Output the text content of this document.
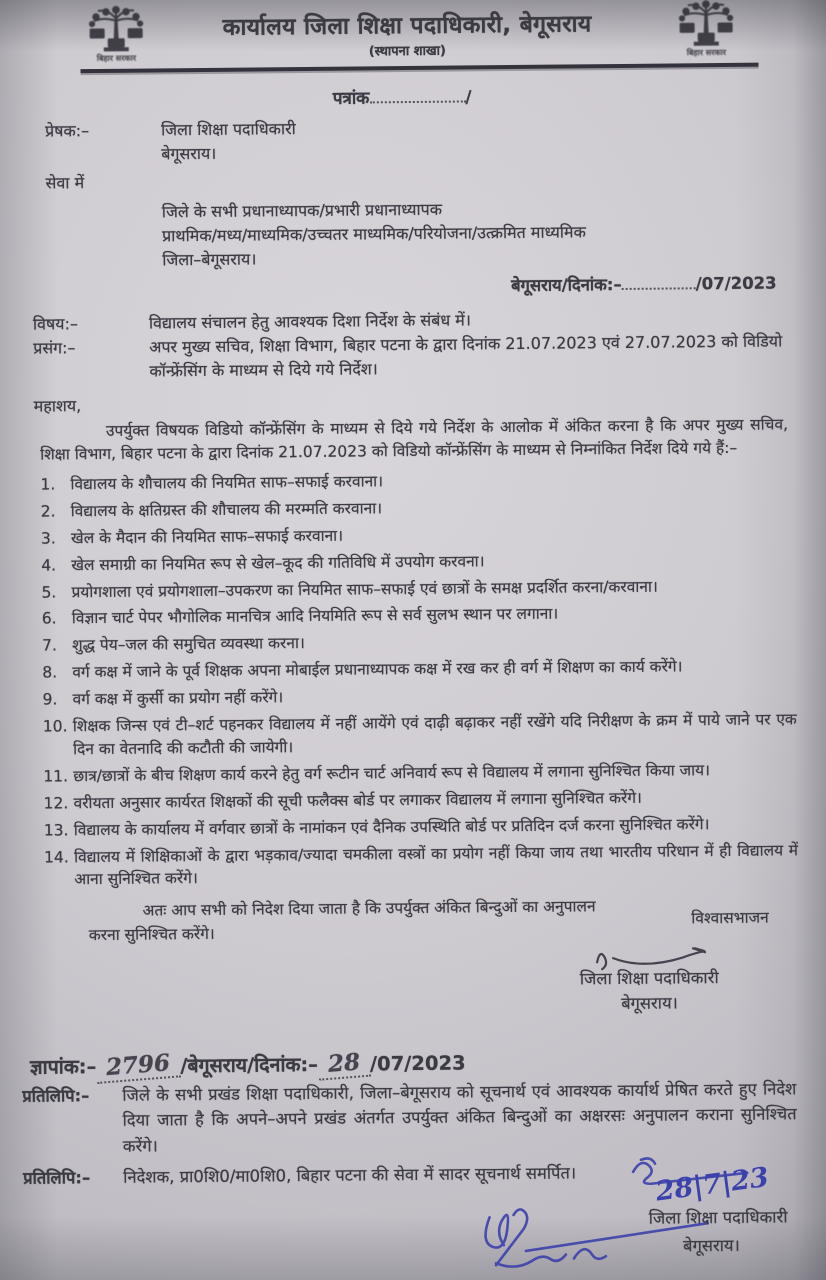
बिहार सरकार
बिहार सरकार
कार्यालय जिला शिक्षा पदाधिकारी, बेगूसराय
(स्थापना शाखा)
पत्रांक	/
प्रेषक:–	जिला शिक्षा पदाधिकारी
बेगूसराय।
सेवा में
जिले के सभी प्रधानाध्यापक/प्रभारी प्रधानाध्यापक
प्राथमिक/मध्य/माध्यमिक/उच्चतर माध्यमिक/परियोजना/उत्क्रमित माध्यमिक
जिला–बेगूसराय।
बेगूसराय/दिनांक:–	/07/2023
विषय:–	विद्यालय संचालन हेतु आवश्यक दिशा निर्देश के संबंध में।
प्रसंग:–	अपर मुख्य सचिव, शिक्षा विभाग, बिहार पटना के द्वारा दिनांक 21.07.2023 एवं 27.07.2023 को विडियो कॉन्फ्रेंसिंग के माध्यम से दिये गये निर्देश।
महाशय,
उपर्युक्त विषयक विडियो कॉन्फ्रेंसिंग के माध्यम से दिये गये निर्देश के आलोक में अंकित करना है कि अपर मुख्य सचिव, शिक्षा विभाग, बिहार पटना के द्वारा दिनांक 21.07.2023 को विडियो कॉन्फ्रेंसिंग के माध्यम से निम्नांकित निर्देश दिये गये हैं:–
1. विद्यालय के शौचालय की नियमित साफ–सफाई करवाना।
2. विद्यालय के क्षतिग्रस्त की शौचालय की मरम्मति करवाना।
3. खेल के मैदान की नियमित साफ–सफाई करवाना।
4. खेल समाग्री का नियमित रूप से खेल–कूद की गतिविधि में उपयोग करवना।
5. प्रयोगशाला एवं प्रयोगशाला–उपकरण का नियमित साफ–सफाई एवं छात्रों के समक्ष प्रदर्शित करना/करवाना।
6. विज्ञान चार्ट पेपर भौगोलिक मानचित्र आदि नियमिति रूप से सर्व सुलभ स्थान पर लगाना।
7. शुद्ध पेय–जल की समुचित व्यवस्था करना।
8. वर्ग कक्ष में जाने के पूर्व शिक्षक अपना मोबाईल प्रधानाध्यापक कक्ष में रख कर ही वर्ग में शिक्षण का कार्य करेंगे।
9. वर्ग कक्ष में कुर्सी का प्रयोग नहीं करेंगे।
10. शिक्षक जिन्स एवं टी–शर्ट पहनकर विद्यालय में नहीं आयेंगे एवं दाढ़ी बढ़ाकर नहीं रखेंगे यदि निरीक्षण के क्रम में पाये जाने पर एक दिन का वेतनादि की कटौती की जायेगी।
11. छात्र/छात्रों के बीच शिक्षण कार्य करने हेतु वर्ग रूटीन चार्ट अनिवार्य रूप से विद्यालय में लगाना सुनिश्चित किया जाय।
12. वरीयता अनुसार कार्यरत शिक्षकों की सूची फलैक्स बोर्ड पर लगाकर विद्यालय में लगाना सुनिश्चित करेंगे।
13. विद्यालय के कार्यालय में वर्गवार छात्रों के नामांकन एवं दैनिक उपस्थिति बोर्ड पर प्रतिदिन दर्ज करना सुनिश्चित करेंगे।
14. विद्यालय में शिक्षिकाओं के द्वारा भड़काव/ज्यादा चमकीला वस्त्रों का प्रयोग नहीं किया जाय तथा भारतीय परिधान में ही विद्यालय में आना सुनिश्चित करेंगे।
अतः आप सभी को निदेश दिया जाता है कि उपर्युक्त अंकित बिन्दुओं का अनुपालन
करना सुनिश्चित करेंगे।
विश्वासभाजन
जिला शिक्षा पदाधिकारी
बेगूसराय।
ज्ञापांक:– 2796 /बेगूसराय/दिनांक:– 28 /07/2023
प्रतिलिपि:–	जिले के सभी प्रखंड शिक्षा पदाधिकारी, जिला–बेगूसराय को सूचनार्थ एवं आवश्यक कार्यार्थ प्रेषित करते हुए निदेश दिया जाता है कि अपने–अपने प्रखंड अंतर्गत उपर्युक्त अंकित बिन्दुओं का अक्षरसः अनुपालन कराना सुनिश्चित करेंगे।
प्रतिलिपि:–	निदेशक, प्रा0शि0/मा0शि0, बिहार पटना की सेवा में सादर सूचनार्थ समर्पित।	28|7|23
जिला शिक्षा पदाधिकारी
बेगूसराय।
